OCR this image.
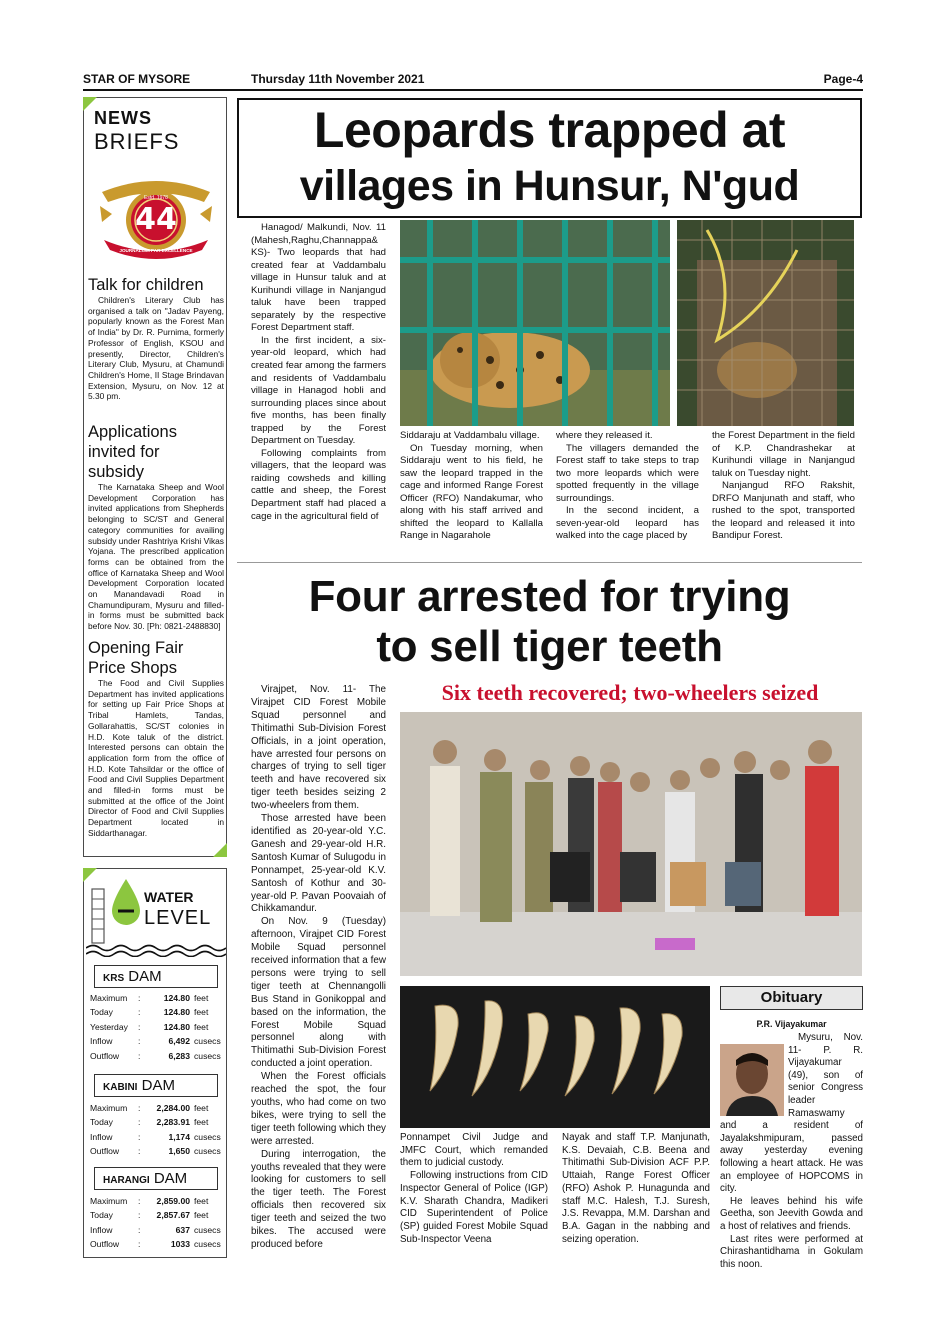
STAR OF MYSORE	Thursday 11th November 2021	Page-4
NEWS
BRIEFS
STAR OF MYSORE
Estd. 1978
44
JOURNALISM PAR EXCELLENCE
Talk for children

Children's Literary Club has organised a talk on "Jadav Payeng, popularly known as the Forest Man of India" by Dr. R. Purnima, formerly Professor of English, KSOU and presently, Director, Children's Literary Club, Mysuru, at Chamundi Children's Home, II Stage Brindavan Extension, Mysuru, on Nov. 12 at 5.30 pm.

Applications invited for subsidy

The Karnataka Sheep and Wool Development Corporation has invited applications from Shepherds belonging to SC/ST and General category communities for availing subsidy under Rashtriya Krishi Vikas Yojana. The prescribed application forms can be obtained from the office of Karnataka Sheep and Wool Development Corporation located on Manandavadi Road in Chamundipuram, Mysuru and filled-in forms must be submitted back before Nov. 30. [Ph: 0821-2488830]

Opening Fair Price Shops

The Food and Civil Supplies Department has invited applications for setting up Fair Price Shops at Tribal Hamlets, Tandas, Gollarahattis, SC/ST colonies in H.D. Kote taluk of the district. Interested persons can obtain the application form from the office of H.D. Kote Tahsildar or the office of Food and Civil Supplies Department and filled-in forms must be submitted at the office of the Joint Director of Food and Civil Supplies Department located in Siddarthanagar.

WATER
LEVEL
KRS DAM
Maximum :	124.80 feet
Today	:	124.80 feet
Yesterday :	124.80 feet
Inflow	:	6,492 cusecs
Outflow :	6,283 cusecs
KABINI DAM
Maximum :	2,284.00 feet
Today	:	2,283.91 feet
Inflow	:	1,174 cusecs
Outflow :	1,650 cusecs
HARANGI DAM
Maximum :	2,859.00 feet
Today	:	2,857.67 feet
Inflow	:	637 cusecs
Outflow :	1033 cusecs
Leopards trapped at
villages in Hunsur, N'gud

Hanagod/ Malkundi, Nov. 11 (Mahesh,Raghu,Channappa& KS)- Two leopards that had created fear at Vaddambalu village in Hunsur taluk and at Kurihundi village in Nanjangud taluk have been trapped separately by the respective Forest Department staff.

In the first incident, a six-year-old leopard, which had created fear among the farmers and residents of Vaddambalu village in Hanagod hobli and surrounding places since about five months, has been finally trapped by the Forest Department on Tuesday.

Following complaints from villagers, that the leopard was raiding cowsheds and killing cattle and sheep, the Forest Department staff had placed a cage in the agricultural field of

Siddaraju at Vaddambalu village.

On Tuesday morning, when Siddaraju went to his field, he saw the leopard trapped in the cage and informed Range Forest Officer (RFO) Nandakumar, who along with his staff arrived and shifted the leopard to Kallalla Range in Nagarahole

where they released it.

The villagers demanded the Forest staff to take steps to trap two more leopards which were spotted frequently in the village surroundings.

In the second incident, a seven-year-old leopard has walked into the cage placed by

the Forest Department in the field of K.P. Chandrashekar at Kurihundi village in Nanjangud taluk on Tuesday night.

Nanjangud RFO Rakshit, DRFO Manjunath and staff, who rushed to the spot, transported the leopard and released it into Bandipur Forest.

Four arrested for trying
to sell tiger teeth
Six teeth recovered; two-wheelers seized

Virajpet, Nov. 11- The Virajpet CID Forest Mobile Squad personnel and Thitimathi Sub-Division Forest Officials, in a joint operation, have arrested four persons on charges of trying to sell tiger teeth and have recovered six tiger teeth besides seizing 2 two-wheelers from them.

Those arrested have been identified as 20-year-old Y.C. Ganesh and 29-year-old H.R. Santosh Kumar of Sulugodu in Ponnampet, 25-year-old K.V. Santosh of Kothur and 30-year-old P. Pavan Poovaiah of Chikkamandur.

On Nov. 9 (Tuesday) afternoon, Virajpet CID Forest Mobile Squad personnel received information that a few persons were trying to sell tiger teeth at Chennangolli Bus Stand in Gonikoppal and based on the information, the Forest Mobile Squad personnel along with Thitimathi Sub-Division Forest conducted a joint operation.

When the Forest officials reached the spot, the four youths, who had come on two bikes, were trying to sell the tiger teeth following which they were arrested.

During interrogation, the youths revealed that they were looking for customers to sell the tiger teeth. The Forest officials then recovered six tiger teeth and seized the two bikes. The accused were produced before

Ponnampet Civil Judge and JMFC Court, which remanded them to judicial custody.

Following instructions from CID Inspector General of Police (IGP) K.V. Sharath Chandra, Madikeri CID Superintendent of Police (SP) guided Forest Mobile Squad Sub-Inspector Veena

Nayak and staff T.P. Manjunath, K.S. Devaiah, C.B. Beena and Thitimathi Sub-Division ACF P.P. Uttaiah, Range Forest Officer (RFO) Ashok P. Hunagunda and staff M.C. Halesh, T.J. Suresh, J.S. Revappa, M.M. Darshan and B.A. Gagan in the nabbing and seizing operation.

Obituary
P.R. Vijayakumar

Mysuru, Nov. 11- P. R. Vijayakumar (49), son of senior Congress leader Ramaswamy and a resident of Jayalakshmipuram, passed away yesterday evening following a heart attack. He was an employee of HOPCOMS in city.

He leaves behind his wife Geetha, son Jeevith Gowda and a host of relatives and friends.

Last rites were performed at Chirashantidhama in Gokulam this noon.
